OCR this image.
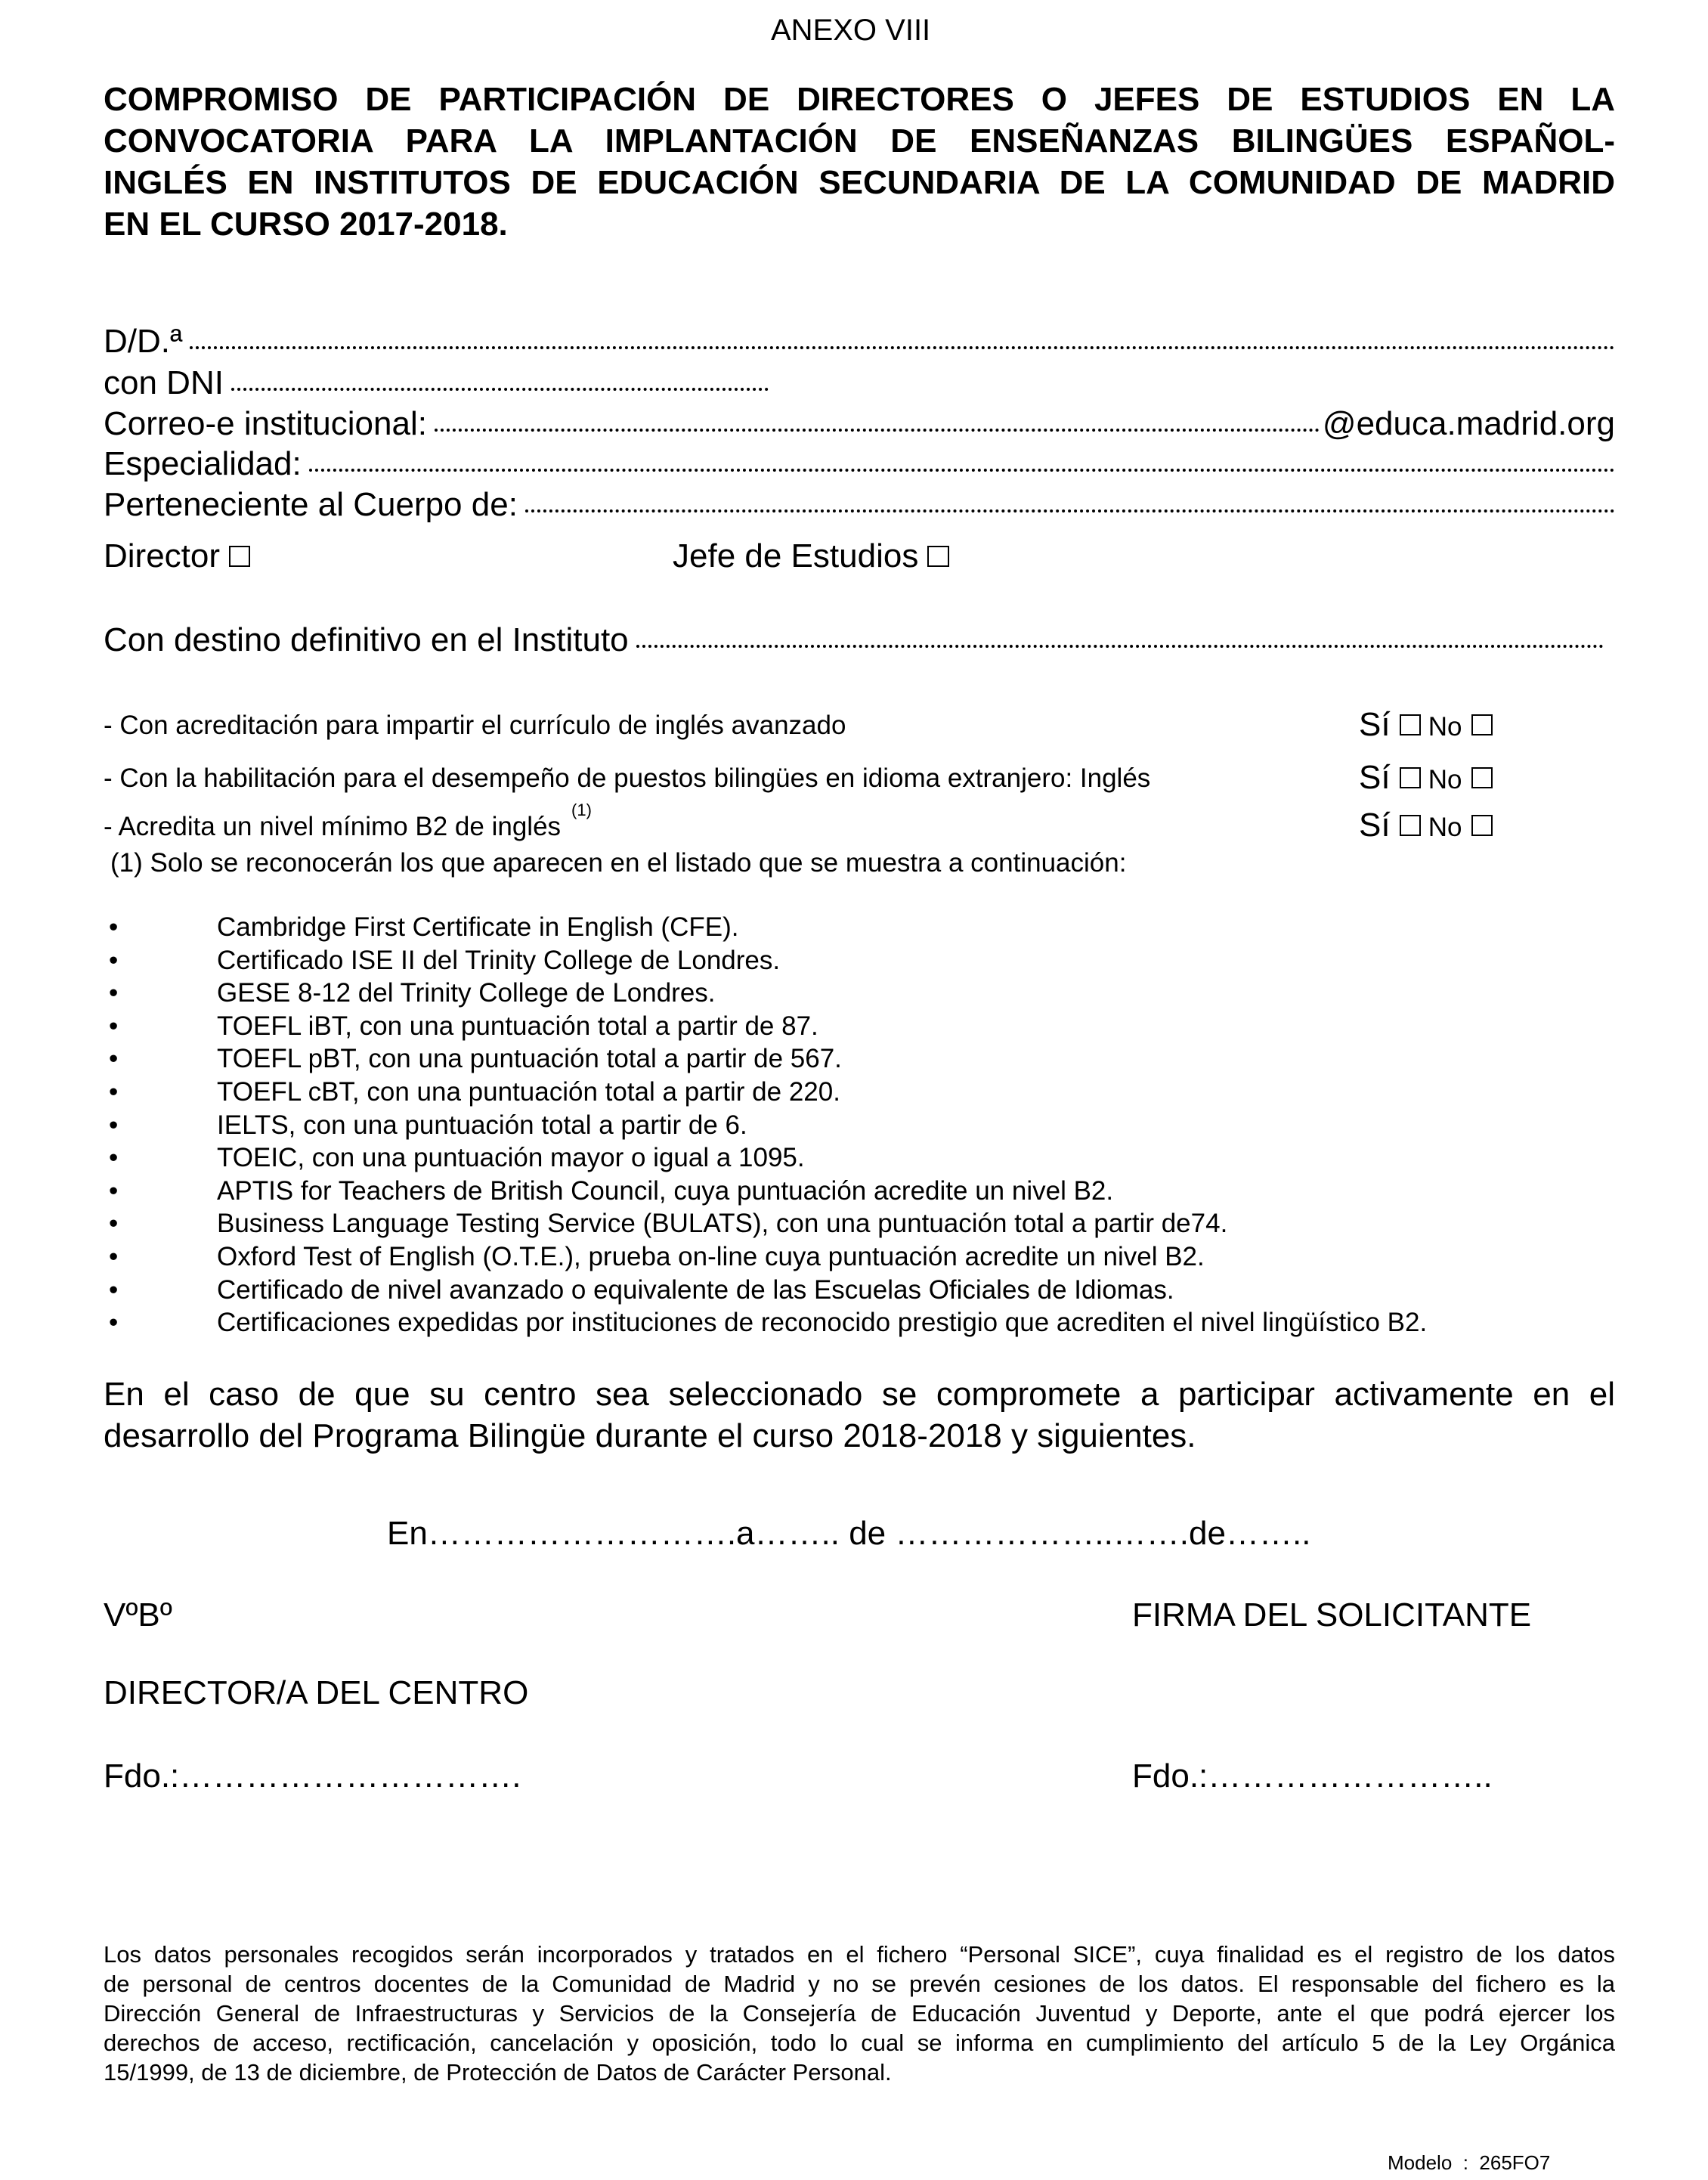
ANEXO VIII
COMPROMISO DE PARTICIPACIÓN DE DIRECTORES O JEFES DE ESTUDIOS EN LA
CONVOCATORIA PARA LA IMPLANTACIÓN DE ENSEÑANZAS BILINGÜES ESPAÑOL-
INGLÉS EN INSTITUTOS DE EDUCACIÓN SECUNDARIA DE LA COMUNIDAD DE MADRID
EN EL CURSO 2017-2018.
D/D.ª
con DNI
Correo-e institucional:	@educa.madrid.org
Especialidad:
Perteneciente al Cuerpo de:
Director	Jefe de Estudios
Con destino definitivo en el Instituto
- Con acreditación para impartir el currículo de inglés avanzado	Sí No
- Con la habilitación para el desempeño de puestos bilingües en idioma extranjero: Inglés	Sí No
- Acredita un nivel mínimo B2 de inglés$^{(1)}$	Sí No
(1) Solo se reconocerán los que aparecen en el listado que se muestra a continuación:
•	Cambridge First Certificate in English (CFE).
•	Certificado ISE II del Trinity College de Londres.
•	GESE 8-12 del Trinity College de Londres.
•	TOEFL iBT, con una puntuación total a partir de 87.
•	TOEFL pBT, con una puntuación total a partir de 567.
•	TOEFL cBT, con una puntuación total a partir de 220.
•	IELTS, con una puntuación total a partir de 6.
•	TOEIC, con una puntuación mayor o igual a 1095.
•	APTIS for Teachers de British Council, cuya puntuación acredite un nivel B2.
•	Business Language Testing Service (BULATS), con una puntuación total a partir de74.
•	Oxford Test of English (O.T.E.), prueba on-line cuya puntuación acredite un nivel B2.
•	Certificado de nivel avanzado o equivalente de las Escuelas Oficiales de Idiomas.
•	Certificaciones expedidas por instituciones de reconocido prestigio que acrediten el nivel lingüístico B2.
En el caso de que su centro sea seleccionado se compromete a participar activamente en el
desarrollo del Programa Bilingüe durante el curso 2018-2018 y siguientes.
En……………………….a…….. de ………………..…….de……..
VºBº	FIRMA DEL SOLICITANTE
DIRECTOR/A DEL CENTRO
Fdo.:………………………….	Fdo.:……………………..
Los datos personales recogidos serán incorporados y tratados en el fichero “Personal SICE”, cuya finalidad es el registro de los datos
de personal de centros docentes de la Comunidad de Madrid y no se prevén cesiones de los datos. El responsable del fichero es la
Dirección General de Infraestructuras y Servicios de la Consejería de Educación Juventud y Deporte, ante el que podrá ejercer los
derechos de acceso, rectificación, cancelación y oposición, todo lo cual se informa en cumplimiento del artículo 5 de la Ley Orgánica
15/1999, de 13 de diciembre, de Protección de Datos de Carácter Personal.
Modelo  :  265FO7
